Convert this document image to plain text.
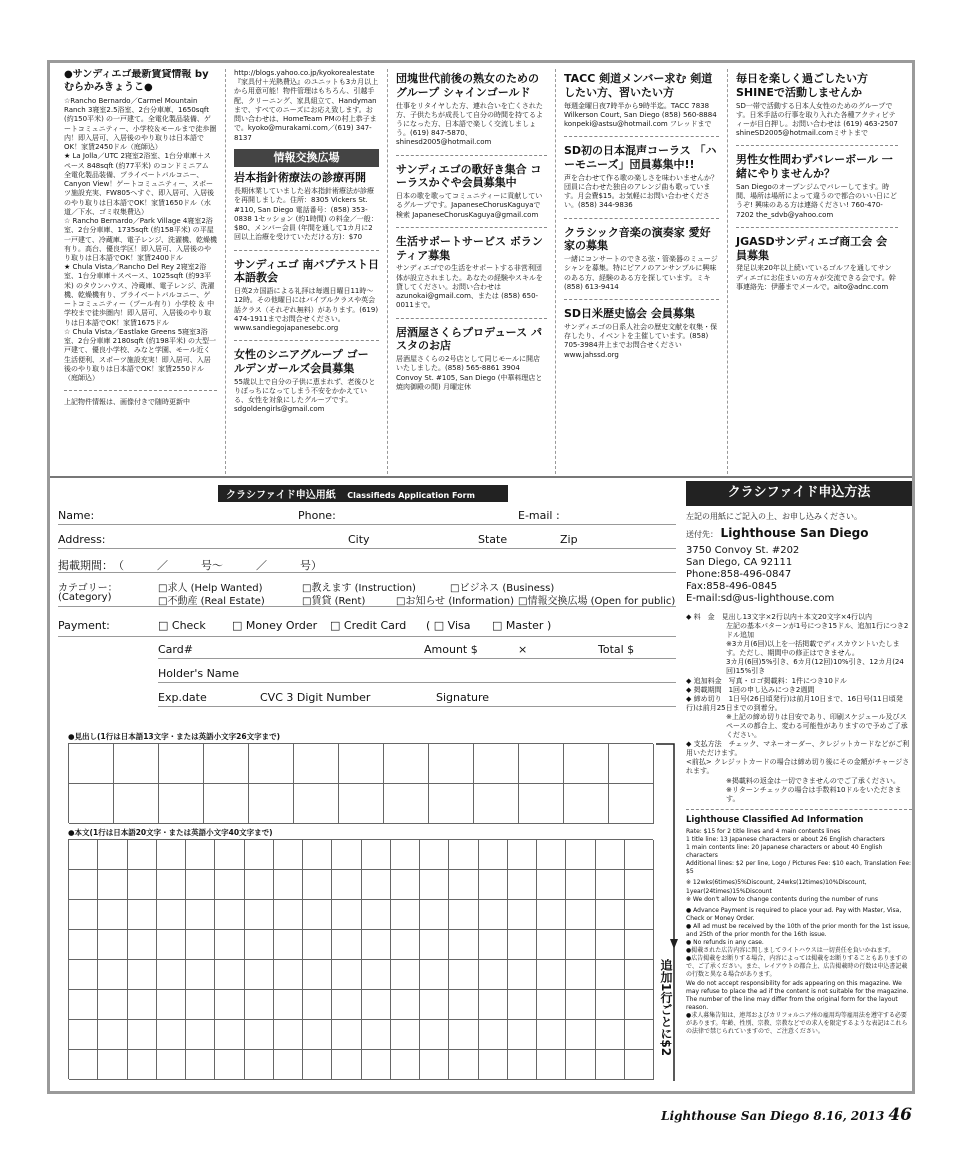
●サンディエゴ最新賃貸情報 by むらかみきょうこ●
☆Rancho Bernardo／Carmel Mountain Ranch 3寝室2.5浴室、2台分車庫、1650sqft (約150平米) の一戸建て。全電化製品装備、ゲートコミュニティー、小学校＆モールまで徒歩圏内！即入居可、入居後のやり取りは日本語でOK！家賃2450ドル（庭師込）
★ La Jolla／UTC 2寝室2浴室、1台分車庫＋スペース 848sqft (約77平米) のコンドミニアム 全電化製品装備、プライベートバルコニー、Canyon View！ゲートコミュニティー、スポーツ施設充実、FW805へすぐ、即入居可、入居後のやり取りは日本語でOK！家賃1650ドル（水道／下水、ゴミ収集費込）
☆ Rancho Bernardo／Park Village 4寝室2浴室、2台分車庫、1735sqft (約158平米) の平屋一戸建て、冷蔵庫、電子レンジ、洗濯機、乾燥機有り。高台、優良学区！即入居可、入居後のやり取りは日本語でOK！家賃2400ドル
★ Chula Vista／Rancho Del Rey 2寝室2浴室、1台分車庫＋スペース、1025sqft (約93平米) のタウンハウス、冷蔵庫、電子レンジ、洗濯機、乾燥機有り、プライベートバルコニー、ゲートコミュニティー（プール有り）小学校 ＆ 中学校まで徒歩圏内！即入居可、入居後のやり取りは日本語でOK！家賃1675ドル
☆ Chula Vista／Eastlake Greens 5寝室3浴室、2台分車庫 2180sqft (約198平米) の大型一戸建て、優良小学校、みなと学園、モール近く生活便利、スポーツ施設充実！即入居可、入居後のやり取りは日本語でOK！家賃2550ドル（庭師込）
上記物件情報は、画像付きで随時更新中
http://blogs.yahoo.co.jp/kyokorealestate 『家具付＋光熱費込』のユニットも3カ月以上から用意可能！物件管理はもちろん、引越手配、クリーニング、家具組立て、Handyman まで、すべてのニーズにお応え致します。お問い合わせは、HomeTeam PMの村上恭子まで。kyoko@murakami.com／(619) 347-8137
情報交換広場
岩本指針術療法の診療再開
長期休業していました岩本指針術療法が診療を再開しました。住所：8305 Vickers St. #110, San Diego 電話番号：(858) 353-0838 1セッション (約1時間) の料金／一般：$80、メンバー会員 (年間を通して1カ月に2回以上治療を受けていただける方)：$70
サンディエゴ 南バプテスト日本語教会
日英2カ国語による礼拝は毎週日曜日11時〜12時。その他曜日にはバイブルクラスや英会話クラス（それぞれ無料）があります。(619) 474-1911までお問合せください。www.sandiegojapanesebc.org
女性のシニアグループ ゴールデンガールズ会員募集
55歳以上で自分の子供に恵まれず、老後ひとりぼっちになってしまう不安をかかえている、女性を対象にしたグループです。sdgoldengirls@gmail.com
団塊世代前後の熟女のための グループ シャインゴールド
仕事をリタイヤした方、連れ合いを亡くされた方、子供たちが成長して自分の時間を持てるようになった方、日本語で楽しく交流しましょう。(619) 847-5870、shinesd2005@hotmail.com
サンディエゴの歌好き集合 コーラスかぐや会員募集中
日本の歌を歌ってコミュニティーに貢献しているグループです。JapaneseChorusKaguyaで検索 JapaneseChorusKaguya@gmail.com
生活サポートサービス ボランティア募集
サンディエゴでの生活をサポートする非営利団体が設立されました。あなたの経験やスキルを貸してください。お問い合わせはazunokai@gmail.com、または (858) 650-0011まで。
居酒屋さくらプロデュース パスタのお店
居酒屋さくらの2号店として同じモールに開店いたしました。(858) 565-8861 3904 Convoy St. #105, San Diego (中華料理店と焼肉御殿の間) 月曜定休
TACC 剣道メンバー求む 剣道したい方、習いたい方
毎週金曜日夜7時半から9時半迄。TACC 7838 Wilkerson Court, San Diego (858) 560-8884 konpeki@astsu@hotmail.com フレッドまで
SD初の日本混声コーラス 「ハーモニーズ」団員募集中!!
声を合わせて作る歌の楽しさを味わいませんか？団員に合わせた独自のアレンジ曲も歌っています。月会費$15。お気軽にお問い合わせください。(858) 344-9836
クラシック音楽の演奏家 愛好家の募集
一緒にコンサートのできる弦・管楽器のミュージシャンを募集。特にピアノのアンサンブルに興味のある方、経験のある方を探しています。ミキ (858) 613-9414
SD日米歴史協会 会員募集
サンディエゴの日系人社会の歴史文献を収集・保存したり、イベントを主催しています。(858) 705-3984井上までお問合せください www.jahssd.org
毎日を楽しく過ごしたい方 SHINEで活動しませんか
SD一帯で活動する日本人女性のためのグループです。日米手話の行事を取り入れた各種アクティビティーが目白押し。お問い合わせは (619) 463-2507 shineSD2005@hotmail.comミサトまで
男性女性問わずバレーボール 一緒にやりませんか？
San Diegoのオープンジムでバレーしてます。時間、場所は場所によって違うので都合のいい日にどうぞ! 興味のある方は連絡ください! 760-470-7202 the_sdvb@yahoo.com
JGASDサンディエゴ商工会 会員募集
発足以来20年以上続いているゴルフを通してサンディエゴにお住まいの方々が交流できる会です。幹事連絡先：伊藤までメールで。aito@adnc.com
クラシファイド申込用紙 Classifieds Application Form
Name:	Phone:	E-mail :
Address:	City	State	Zip
掲載期間：　（　　　／　　　号〜　　　／　　　号）
カテゴリー：
(Category)
□求人 (Help Wanted)	□教えます (Instruction)	□ビジネス (Business)
□不動産 (Real Estate)	□賃貸 (Rent)	□お知らせ (Information) □情報交換広場 (Open for public)
Payment:	□ Check □ Money Order □ Credit Card ( □ Visa □ Master )
Card#	Amount $	×	Total $
Holder's Name
Exp.date	CVC 3 Digit Number	Signature
●見出し(1行は日本語13文字・または英語小文字26文字まで)
●本文(1行は日本語20文字・または英語小文字40文字まで)
追加1行ごとに$2
クラシファイド申込方法
左記の用紙にご記入の上、お申し込みください。
送付先： Lighthouse San Diego
3750 Convoy St. #202
San Diego, CA 92111
Phone:858-496-0847
Fax:858-496-0845
E-mail:sd@us-lighthouse.com
◆ 料　金　見出し13文字×2行以内＋本文20文字×4行以内
左記の基本パターンが1号につき15ドル、追加1行につき2ドル追加
※3カ月(6回)以上を一括掲載でディスカウントいたします。ただし、期間中の修正はできません。
3カ月(6回)5%引き、6カ月(12回)10%引き、12カ月(24回)15%引き
◆ 追加料金　写真・ロゴ掲載料：1件につき10ドル
◆ 掲載期間　1回の申し込みにつき2週間
◆ 締め切り　1日号(26日頃発行)は前月10日まで、16日号(11日頃発行)は前月25日までの到着分。
※上記の締め切りは目安であり、印刷スケジュール及びスペースの都合上、変わる可能性がありますので予めご了承ください。
◆ 支払方法　チェック、マネーオーダー、クレジットカードなどがご利用いただけます。
<前払> クレジットカードの場合は締め切り後にその金額がチャージされます。
※掲載料の返金は一切できませんのでご了承ください。
※リターンチェックの場合は手数料10ドルをいただきます。
Lighthouse Classified Ad Information
Rate: $15 for 2 title lines and 4 main contents lines
1 title line: 13 Japanese characters or about 26 English characters
1 main contents line: 20 Japanese characters or about 40 English characters
Additional lines: $2 per line, Logo / Pictures Fee: $10 each, Translation Fee: $5
※ 12wks(6times)5%Discount, 24wks(12times)10%Discount, 1year(24times)15%Discount
※ We don't allow to change contents during the number of runs
● Advance Payment is required to place your ad. Pay with Master, Visa, Check or Money Order.
● All ad must be received by the 10th of the prior month for the 1st issue, and 25th of the prior month for the 16th issue.
● No refunds in any case.
●掲載された広告内容に関しましてライトハウスは一切責任を負いかねます。
●広告掲載をお断りする場合、内容によっては掲載をお断りすることもありますので、ご了承ください。また、レイアウトの都合上、広告掲載時の行数は申込書記載の行数と異なる場合があります。
We do not accept responsibility for ads appearing on this magazine. We may refuse to place the ad if the content is not suitable for the magazine. The number of the line may differ from the original form for the layout reason.
●求人募集告知は、連邦およびカリフォルニア州の雇用均等雇用法を遵守する必要があります。年齢、性別、宗教、宗教などでの求人を限定するような表記はこれらの法律で禁じられていますので、ご注意ください。
Lighthouse San Diego 8.16, 2013 46
